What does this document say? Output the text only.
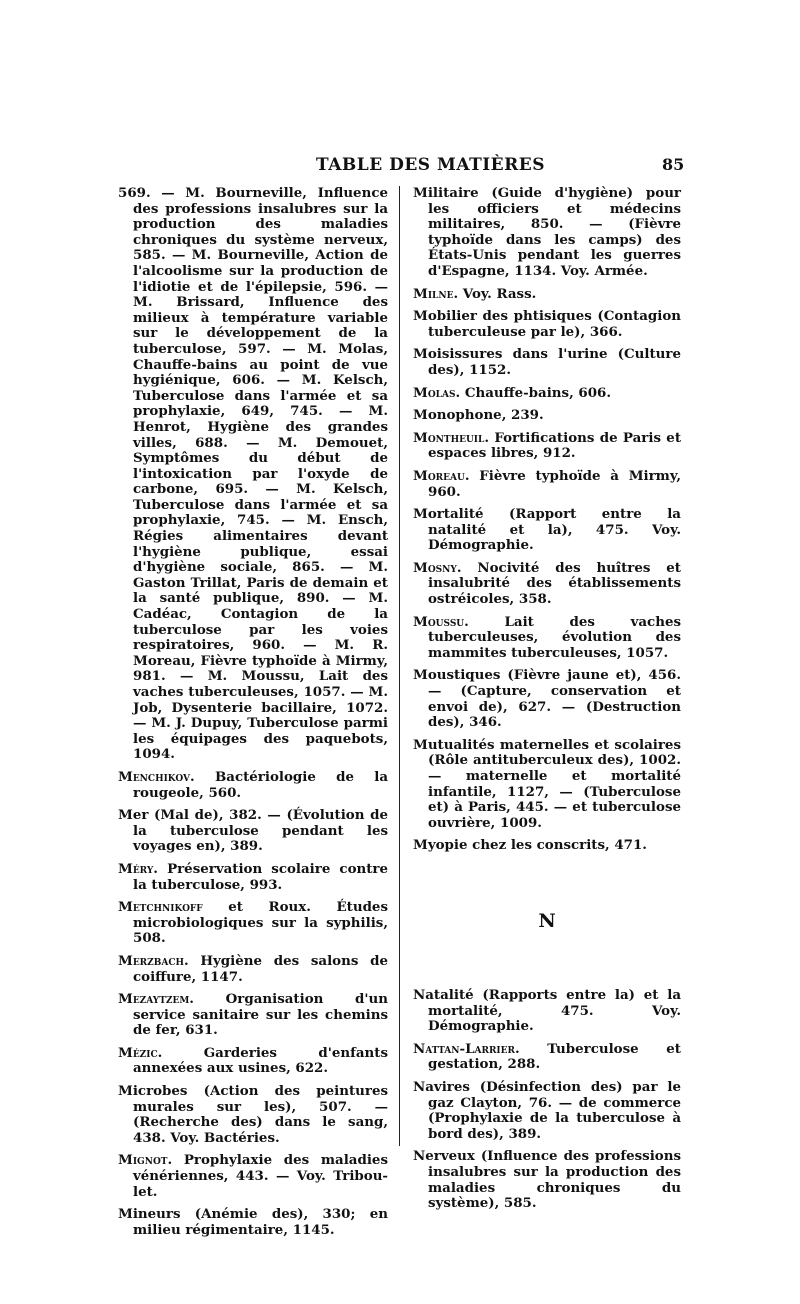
TABLE DES MATIÈRES	85

569. — M. Bourneville, Influence des professions insalubres sur la production des maladies chroniques du système nerveux, 585. — M. Bourneville, Action de l'alcoolisme sur la production de l'idiotie et de l'épilepsie, 596. — M. Brissard, Influence des milieux à température variable sur le développement de la tuberculose, 597. — M. Molas, Chauffe-bains au point de vue hygiénique, 606. — M. Kelsch, Tuberculose dans l'armée et sa prophylaxie, 649, 745. — M. Henrot, Hygiène des grandes villes, 688. — M. Demouet, Symptômes du début de l'intoxication par l'oxyde de carbone, 695. — M. Kelsch, Tuberculose dans l'armée et sa prophylaxie, 745. — M. Ensch, Régies alimentaires devant l'hygiène publique, essai d'hygiène sociale, 865. — M. Gaston Trillat, Paris de demain et la santé publique, 890. — M. Cadéac, Contagion de la tuberculose par les voies respiratoires, 960. — M. R. Moreau, Fièvre typhoïde à Mirmy, 981. — M. Moussu, Lait des vaches tuberculeuses, 1057. — M. Job, Dysenterie bacillaire, 1072. — M. J. Dupuy, Tuberculose parmi les équipages des paquebots, 1094.

Menchikov. Bactériologie de la rougeole, 560.

Mer (Mal de), 382. — (Évolution de la tuberculose pendant les voyages en), 389.

Méry. Préservation scolaire contre la tuberculose, 993.

Metchnikoff et Roux. Études microbiologiques sur la syphilis, 508.

Merzbach. Hygiène des salons de coiffure, 1147.

Mezaytzem. Organisation d'un service sanitaire sur les chemins de fer, 631.

Mézic.	Garderies d'enfants annexées aux usines, 622.

Microbes (Action des peintures murales sur les), 507. — (Recherche des) dans le sang, 438. Voy. Bactéries.

Mignot. Prophylaxie des maladies vénériennes, 443. — Voy. Tribou-let.

Mineurs (Anémie des), 330; en milieu régimentaire, 1145.

Militaire (Guide d'hygiène) pour les officiers et médecins militaires, 850. — (Fièvre typhoïde dans les camps) des États-Unis pendant les guerres d'Espagne, 1134. Voy. Armée.

Milne. Voy. Rass.

Mobilier des phtisiques (Contagion tuberculeuse par le), 366.

Moisissures dans l'urine (Culture des), 1152.

Molas. Chauffe-bains, 606.

Monophone, 239.

Montheuil. Fortifications de Paris et espaces libres, 912.

Moreau. Fièvre typhoïde à Mirmy, 960.

Mortalité (Rapport entre la natalité et la), 475. Voy. Démographie.

Mosny. Nocivité des huîtres et insalubrité des établissements ostréicoles, 358.

Moussu.	Lait des vaches tuberculeuses, évolution des mammites tuberculeuses, 1057.

Moustiques (Fièvre jaune et), 456. — (Capture, conservation et envoi de), 627. — (Destruction des), 346.

Mutualités maternelles et scolaires (Rôle antituberculeux des), 1002.— maternelle et mortalité infantile, 1127, — (Tuberculose et) à Paris, 445. — et tuberculose ouvrière, 1009.

Myopie chez les conscrits, 471.

N

Natalité (Rapports entre la) et la mortalité, 475. Voy. Démographie.

Nattan-Larrier. Tuberculose et gestation, 288.

Navires (Désinfection des) par le gaz Clayton, 76. — de commerce (Prophylaxie de la tuberculose à bord des), 389.

Nerveux (Influence des professions insalubres sur la production des maladies chroniques du système), 585.
